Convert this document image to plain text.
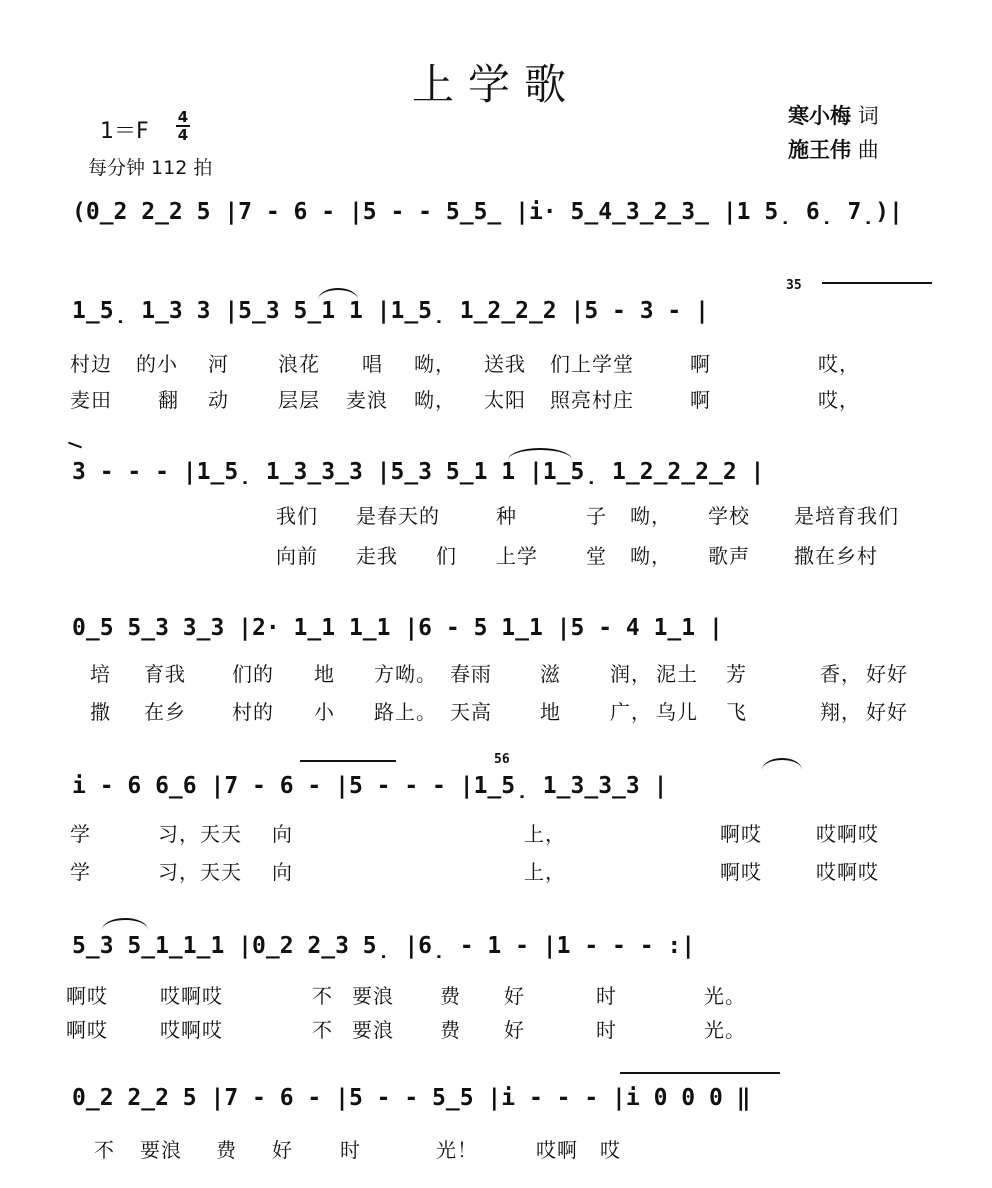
上学歌
1＝F
4
4
每分钟 112 拍
寒小梅 词
施王伟 曲
(0̲2 2̲2 5 |7 - 6 - |5 - - 5̲5̲ |i· 5̲4̲3̲2̲3̲ |1 5̣ 6̣ 7̣)|
1̲5̣ 1̲3 3 |5̲3 5̲1 1 |1̲5̣ 1̲2̲2̲2 |5 - 3 - |
35
村边 的小 河 浪花 唱 呦， 送我 们上学堂	啊	哎，
麦田 翻 动 层层 麦浪 呦， 太阳 照亮村庄	啊	哎，
3 - - - |1̲5̣ 1̲3̲3̲3 |5̲3 5̲1 1 |1̲5̣ 1̲2̲2̲2̲2 |
我们 是春天的	种	子 呦， 学校 是培育我们
向前 走我 们 上学 堂 呦， 歌声 撒在乡村
0̲5 5̲3 3̲3 |2· 1̲1 1̲1 |6 - 5 1̲1 |5 - 4 1̲1 |
培 育我 们的 地 方呦。 春雨 滋 润， 泥土 芳	香， 好好
撒 在乡 村的 小 路上。 天高 地 广， 乌儿 飞	翔， 好好
i - 6 6̲6 |7 - 6 - |5 - - - |1̲5̣ 1̲3̲3̲3 |
56
学	习，天天 向	上，	啊哎	哎啊哎
学	习，天天 向	上，	啊哎	哎啊哎
5̲3 5̲1̲1̲1 |0̲2 2̲3 5̣ |6̣ - 1 - |1 - - - :|
啊哎	哎啊哎	不 要浪 费 好	时	光。
啊哎	哎啊哎	不 要浪 费 好	时	光。
0̲2 2̲2 5 |7 - 6 - |5 - - 5̲5 |i - - - |i 0 0 0 ‖
不 要浪 费 好 时	光！	哎啊 哎
